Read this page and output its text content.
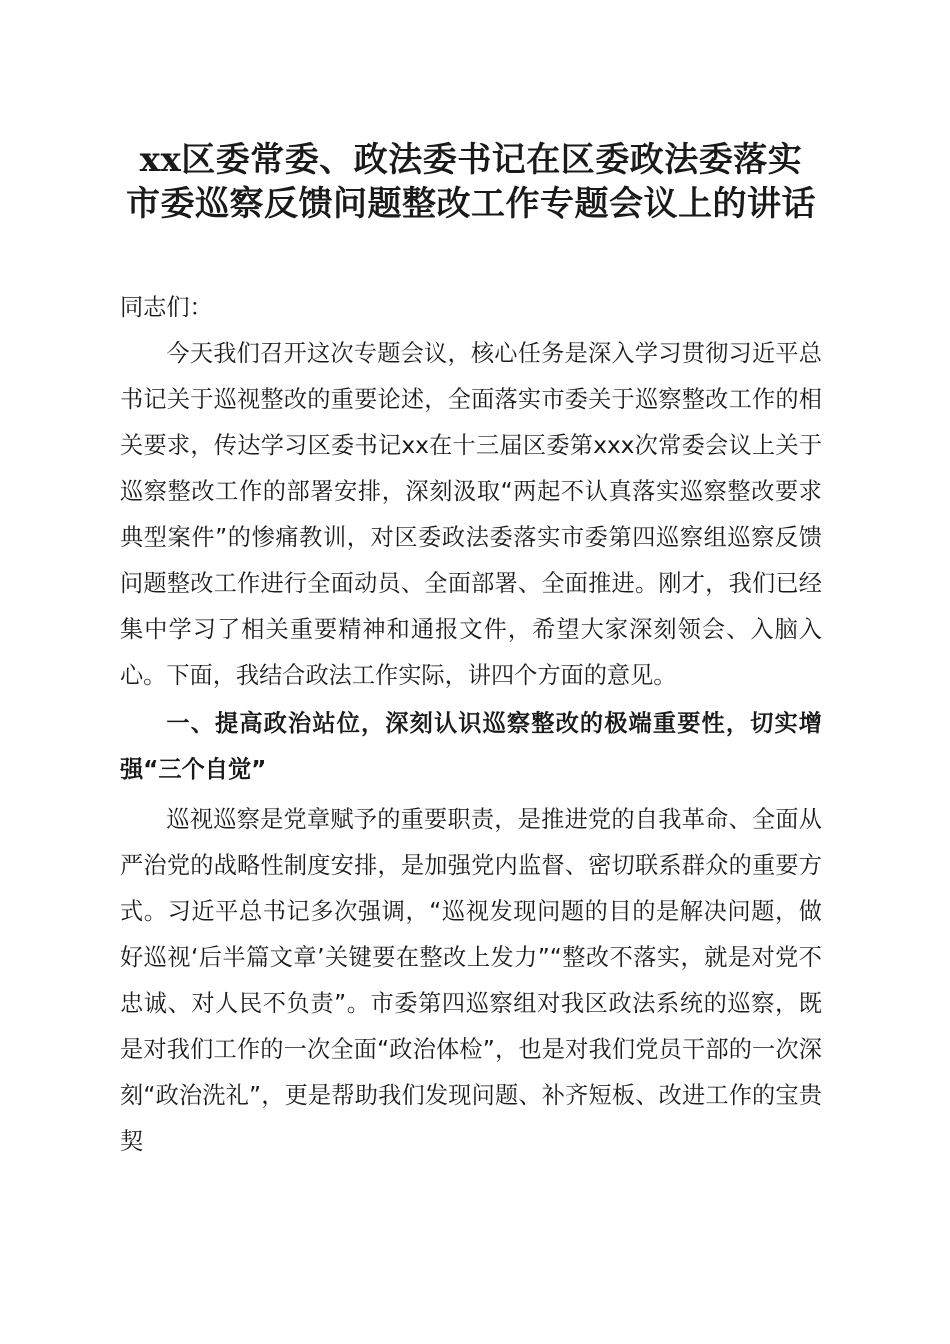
xx区委常委、政法委书记在区委政法委落实
市委巡察反馈问题整改工作专题会议上的讲话

同志们：

今天我们召开这次专题会议，核心任务是深入学习贯彻习近平总书记关于巡视整改的重要论述，全面落实市委关于巡察整改工作的相关要求，传达学习区委书记xx在十三届区委第xxx次常委会议上关于巡察整改工作的部署安排，深刻汲取“两起不认真落实巡察整改要求典型案件”的惨痛教训，对区委政法委落实市委第四巡察组巡察反馈问题整改工作进行全面动员、全面部署、全面推进。刚才，我们已经集中学习了相关重要精神和通报文件，希望大家深刻领会、入脑入心。下面，我结合政法工作实际，讲四个方面的意见。

一、提高政治站位，深刻认识巡察整改的极端重要性，切实增强“三个自觉”

巡视巡察是党章赋予的重要职责，是推进党的自我革命、全面从严治党的战略性制度安排，是加强党内监督、密切联系群众的重要方式。习近平总书记多次强调，“巡视发现问题的目的是解决问题，做好巡视‘后半篇文章’关键要在整改上发力”“整改不落实，就是对党不忠诚、对人民不负责”。市委第四巡察组对我区政法系统的巡察，既是对我们工作的一次全面“政治体检”，也是对我们党员干部的一次深刻“政治洗礼”，更是帮助我们发现问题、补齐短板、改进工作的宝贵契
